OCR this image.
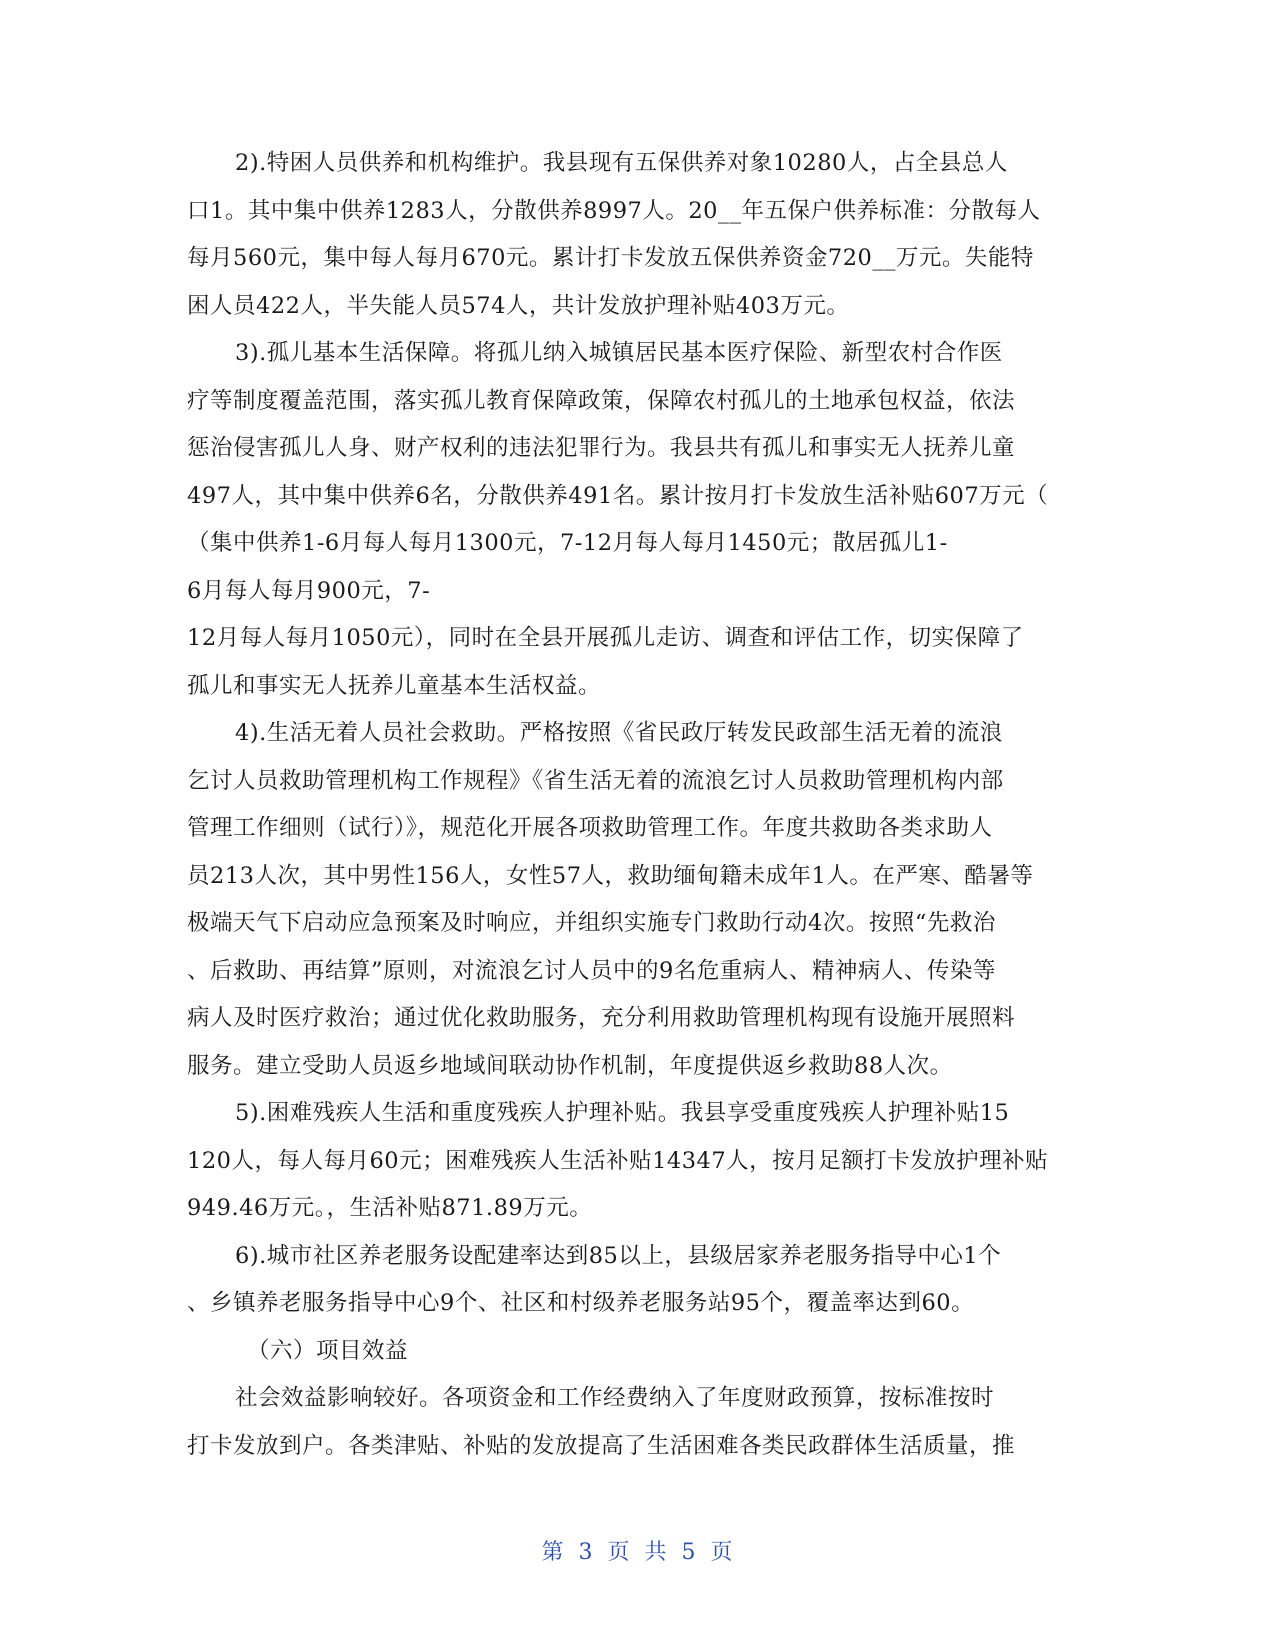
2).特困人员供养和机构维护。我县现有五保供养对象10280人，占全县总人
口1。其中集中供养1283人，分散供养8997人。20__年五保户供养标准：分散每人
每月560元，集中每人每月670元。累计打卡发放五保供养资金720__万元。失能特
困人员422人，半失能人员574人，共计发放护理补贴403万元。

3).孤儿基本生活保障。将孤儿纳入城镇居民基本医疗保险、新型农村合作医
疗等制度覆盖范围，落实孤儿教育保障政策，保障农村孤儿的土地承包权益，依法
惩治侵害孤儿人身、财产权利的违法犯罪行为。我县共有孤儿和事实无人抚养儿童
497人，其中集中供养6名，分散供养491名。累计按月打卡发放生活补贴607万元（
（集中供养1-6月每人每月1300元，7-12月每人每月1450元；散居孤儿1-
6月每人每月900元，7-
12月每人每月1050元），同时在全县开展孤儿走访、调查和评估工作，切实保障了
孤儿和事实无人抚养儿童基本生活权益。

4).生活无着人员社会救助。严格按照《省民政厅转发民政部生活无着的流浪
乞讨人员救助管理机构工作规程》《省生活无着的流浪乞讨人员救助管理机构内部
管理工作细则（试行）》，规范化开展各项救助管理工作。年度共救助各类求助人
员213人次，其中男性156人，女性57人，救助缅甸籍未成年1人。在严寒、酷暑等
极端天气下启动应急预案及时响应，并组织实施专门救助行动4次。按照“先救治
、后救助、再结算”原则，对流浪乞讨人员中的9名危重病人、精神病人、传染等
病人及时医疗救治；通过优化救助服务，充分利用救助管理机构现有设施开展照料
服务。建立受助人员返乡地域间联动协作机制，年度提供返乡救助88人次。

5).困难残疾人生活和重度残疾人护理补贴。我县享受重度残疾人护理补贴15
120人，每人每月60元；困难残疾人生活补贴14347人，按月足额打卡发放护理补贴
949.46万元。，生活补贴871.89万元。

6).城市社区养老服务设配建率达到85以上，县级居家养老服务指导中心1个
、乡镇养老服务指导中心9个、社区和村级养老服务站95个，覆盖率达到60。

（六）项目效益

社会效益影响较好。各项资金和工作经费纳入了年度财政预算，按标准按时
打卡发放到户。各类津贴、补贴的发放提高了生活困难各类民政群体生活质量，推

第 3 页 共 5 页
